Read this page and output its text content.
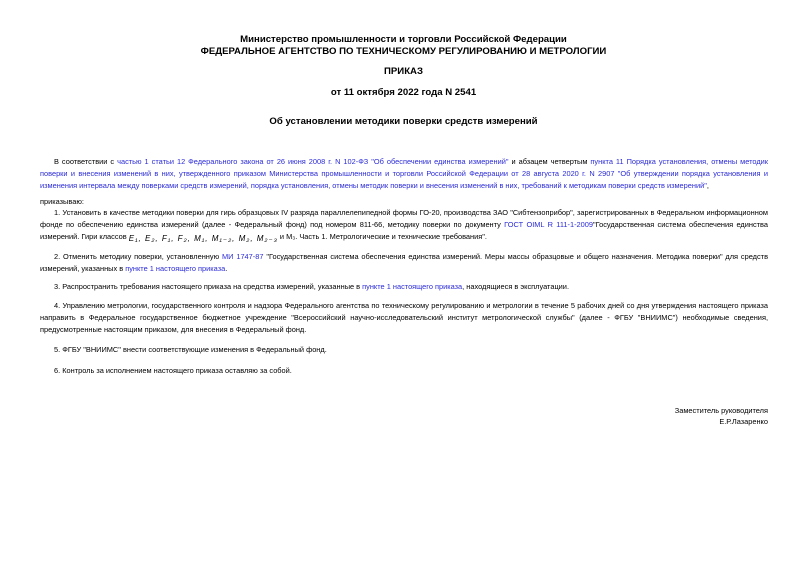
Министерство промышленности и торговли Российской Федерации
ФЕДЕРАЛЬНОЕ АГЕНТСТВО ПО ТЕХНИЧЕСКОМУ РЕГУЛИРОВАНИЮ И МЕТРОЛОГИИ
ПРИКАЗ
от 11 октября 2022 года N 2541
Об установлении методики поверки средств измерений
В соответствии с частью 1 статьи 12 Федерального закона от 26 июня 2008 г. N 102-ФЗ "Об обеспечении единства измерений" и абзацем четвертым пункта 11 Порядка установления, отмены методик поверки и внесения изменений в них, утвержденного приказом Министерства промышленности и торговли Российской Федерации от 28 августа 2020 г. N 2907 "Об утверждении порядка установления и изменения интервала между поверками средств измерений, порядка установления, отмены методик поверки и внесения изменений в них, требований к методикам поверки средств измерений",
приказываю:
1. Установить в качестве методики поверки для гирь образцовых IV разряда параллелепипедной формы ГО-20, производства ЗАО "Сибтензоприбор", зарегистрированных в Федеральном информационном фонде по обеспечению единства измерений (далее - Федеральный фонд) под номером 811-66, методику поверки по документу ГОСТ OIML R 111-1-2009"Государственная система обеспечения единства измерений. Гири классов E₁, E₂, F₁, F₂, M₁, M₁₋₂, M₂, M₂₋₃ и M₃. Часть 1. Метрологические и технические требования".
2. Отменить методику поверки, установленную МИ 1747-87 "Государственная система обеспечения единства измерений. Меры массы образцовые и общего назначения. Методика поверки" для средств измерений, указанных в пункте 1 настоящего приказа.
3. Распространить требования настоящего приказа на средства измерений, указанные в пункте 1 настоящего приказа, находящиеся в эксплуатации.
4. Управлению метрологии, государственного контроля и надзора Федерального агентства по техническому регулированию и метрологии в течение 5 рабочих дней со дня утверждения настоящего приказа направить в Федеральное государственное бюджетное учреждение "Всероссийский научно-исследовательский институт метрологической службы" (далее - ФГБУ "ВНИИМС") необходимые сведения, предусмотренные настоящим приказом, для внесения в Федеральный фонд.
5. ФГБУ "ВНИИМС" внести соответствующие изменения в Федеральный фонд.
6. Контроль за исполнением настоящего приказа оставляю за собой.
Заместитель руководителя
Е.Р.Лазаренко
